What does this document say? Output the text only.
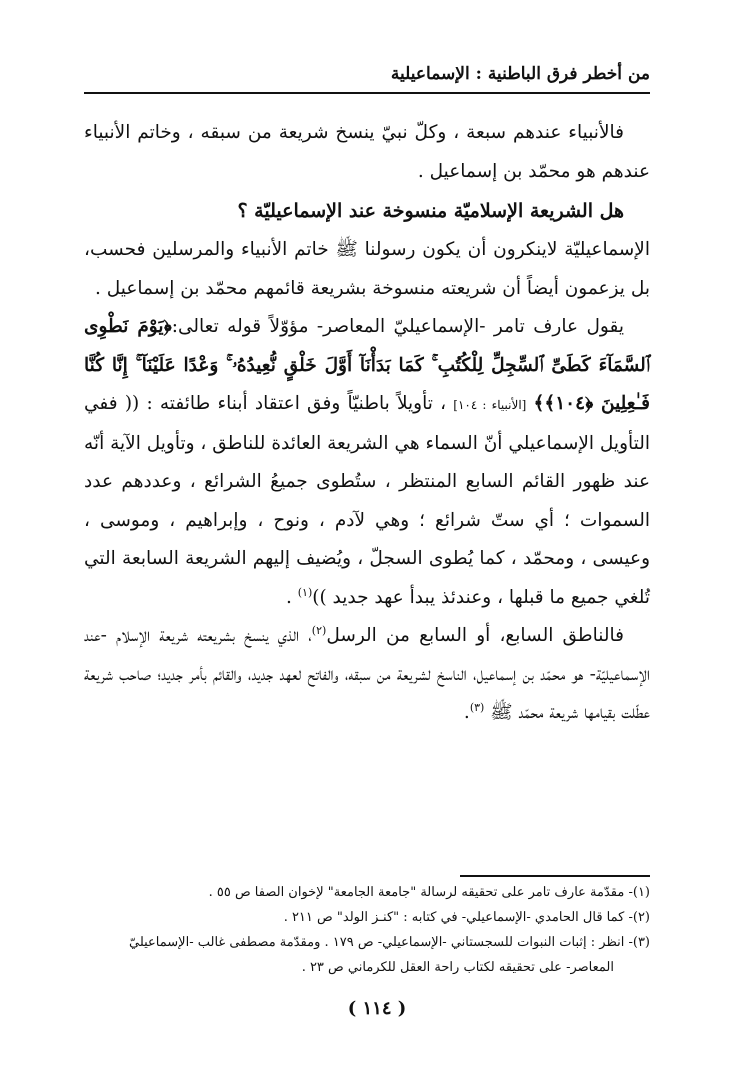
من أخطر فرق الباطنية : الإسماعيلية

فالأنبياء عندهم سبعة ، وكلّ نبيّ ينسخ شريعة من سبقه ، وخاتم الأنبياء عندهم هو محمّد بن إسماعيل .

هل الشريعة الإسلاميّة منسوخة عند الإسماعيليّة ؟

الإسماعيليّة لاينكرون أن يكون رسولنا ﷺ خاتم الأنبياء والمرسلين فحسب، بل يزعمون أيضاً أن شريعته منسوخة بشريعة قائمهم محمّد بن إسماعيل .

يقول عارف تامر -الإسماعيليّ المعاصر- مؤوّلاً قوله تعالى:﴿يَوْمَ نَطْوِى ٱلسَّمَآءَ كَطَىِّ ٱلسِّجِلِّ لِلْكُتُبِ ۚ كَمَا بَدَأْنَآ أَوَّلَ خَلْقٍ نُّعِيدُهُۥ ۚ وَعْدًا عَلَيْنَآ ۚ إِنَّا كُنَّا فَـٰعِلِينَ ﴿١٠٤﴾﴾ [الأنبياء : ١٠٤] ، تأويلاً باطنيّاً وفق اعتقاد أبناء طائفته : (( ففي التأويل الإسماعيلي أنّ السماء هي الشريعة العائدة للناطق ، وتأويل الآية أنّه عند ظهور القائم السابع المنتظر ، ستُطوى جميعُ الشرائع ، وعددهم عدد السموات ؛ أي ستّ شرائع ؛ وهي لآدم ، ونوح ، وإبراهيم ، وموسى ، وعيسى ، ومحمّد ، كما يُطوى السجلّ ، ويُضيف إليهم الشريعة السابعة التي تُلغي جميع ما قبلها ، وعندئذ يبدأ عهد جديد ))$^{(١)}$ .

فالناطق السابع، أو السابع من الرسل$^{(٢)}$، الذي ينسخ بشريعته شريعة الإسلام -عند الإسماعيليّة- هو محمّد بن إسماعيل، الناسخ لشريعة من سبقه، والفاتح لعهد جديد، والقائم بأمر جديد؛ صاحب شريعة عطّلت بقيامها شريعة محمّد ﷺ $^{(٣)}$.

(١)- مقدّمة عارف تامر على تحقيقه لرسالة "جامعة الجامعة" لإخوان الصفا ص ٥٥ .
(٢)- كما قال الحامدي -الإسماعيلي- في كتابه : "كنـز الولد" ص ٢١١ .
(٣)- انظر : إثبات النبوات للسجستاني -الإسماعيلي- ص ١٧٩ . ومقدّمة مصطفى غالب -الإسماعيليّ
المعاصر- على تحقيقه لكتاب راحة العقل للكرماني ص ٢٣ .
( ١١٤ )
